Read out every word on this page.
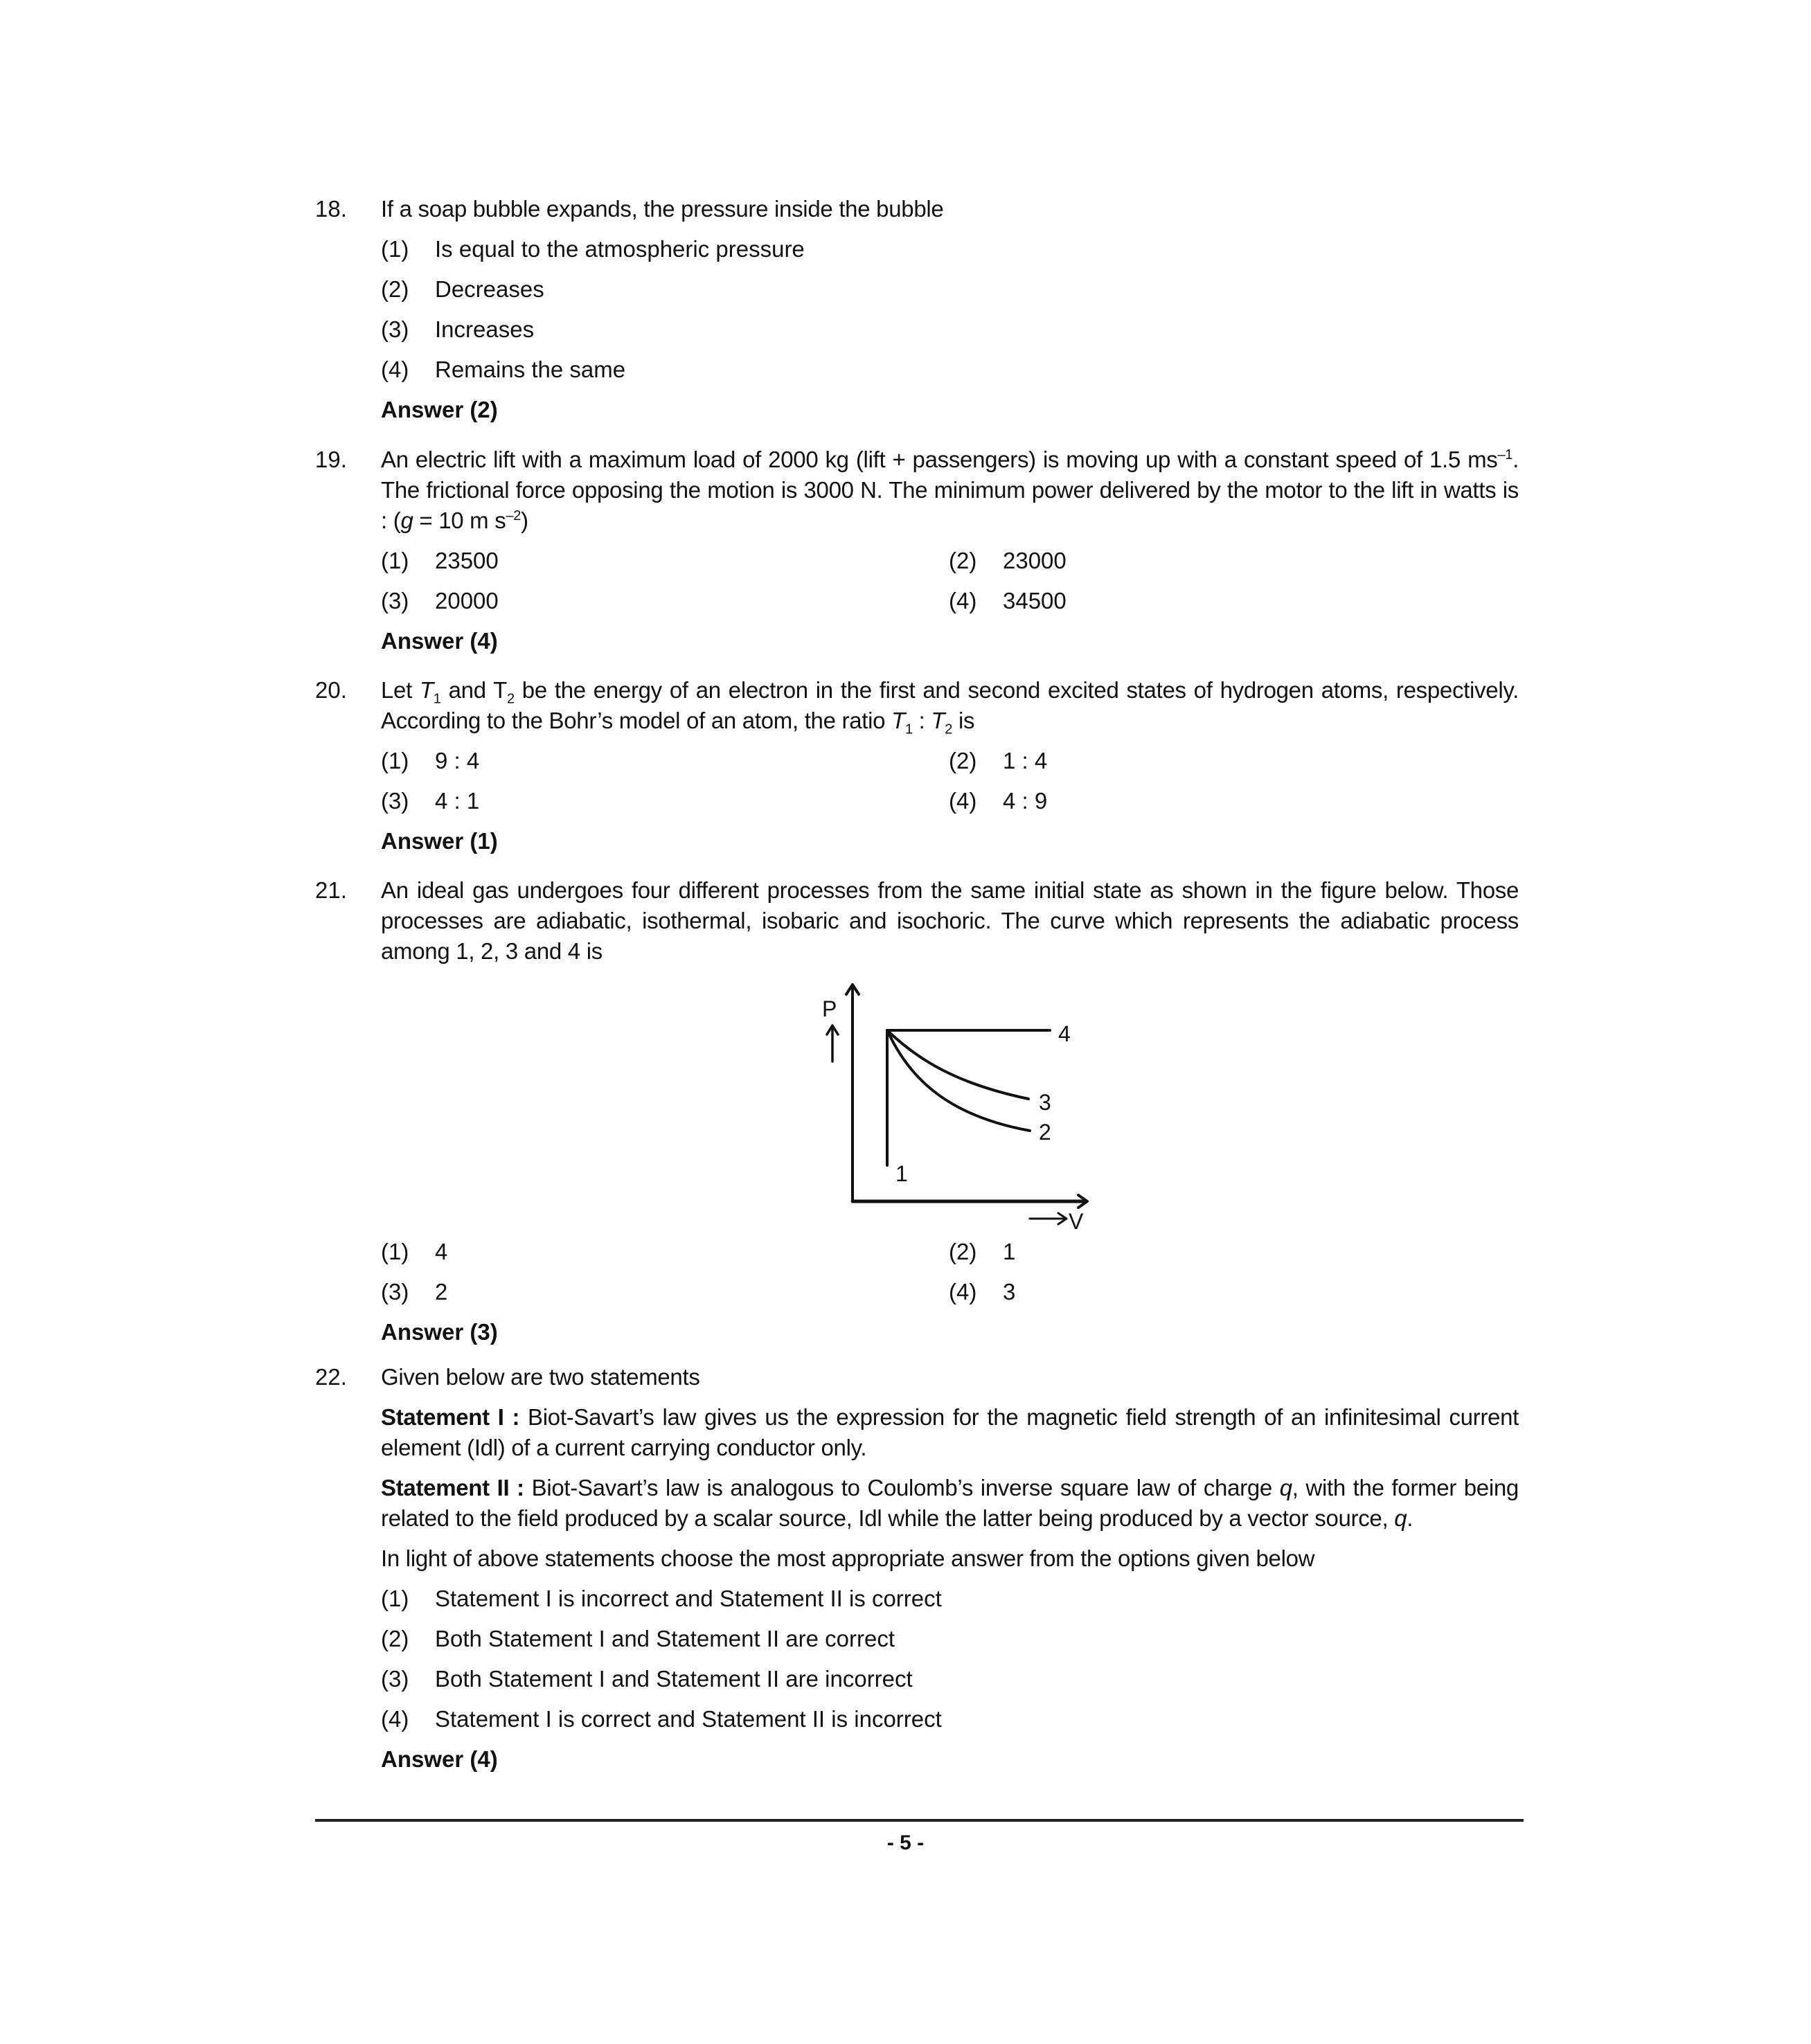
18. If a soap bubble expands, the pressure inside the bubble
(1) Is equal to the atmospheric pressure
(2) Decreases
(3) Increases
(4) Remains the same
Answer (2)
19. An electric lift with a maximum load of 2000 kg (lift + passengers) is moving up with a constant speed of 1.5 $ms^{-1}$. The frictional force opposing the motion is 3000 N. The minimum power delivered by the motor to the lift in watts is : (g = 10 m $s^{-2}$)
(1) 23500	(2) 23000
(3) 20000	(4) 34500
Answer (4)
20. Let $T_1$ and $T_2$ be the energy of an electron in the first and second excited states of hydrogen atoms, respectively. According to the Bohr’s model of an atom, the ratio $T_1$ : $T_2$ is
(1) 9 : 4	(2) 1 : 4
(3) 4 : 1	(4) 4 : 9
Answer (1)
21. An ideal gas undergoes four different processes from the same initial state as shown in the figure below. Those processes are adiabatic, isothermal, isobaric and isochoric. The curve which represents the adiabatic process among 1, 2, 3 and 4 is
(1) 4	(2) 1
(3) 2	(4) 3
Answer (3)
P
V
4
3
2
1
22. Given below are two statements
Statement I : Biot-Savart’s law gives us the expression for the magnetic field strength of an infinitesimal current element (Idl) of a current carrying conductor only.
Statement II : Biot-Savart’s law is analogous to Coulomb’s inverse square law of charge q, with the former being related to the field produced by a scalar source, Idl while the latter being produced by a vector source, q.
In light of above statements choose the most appropriate answer from the options given below
(1) Statement I is incorrect and Statement II is correct
(2) Both Statement I and Statement II are correct
(3) Both Statement I and Statement II are incorrect
(4) Statement I is correct and Statement II is incorrect
Answer (4)
- 5 -
